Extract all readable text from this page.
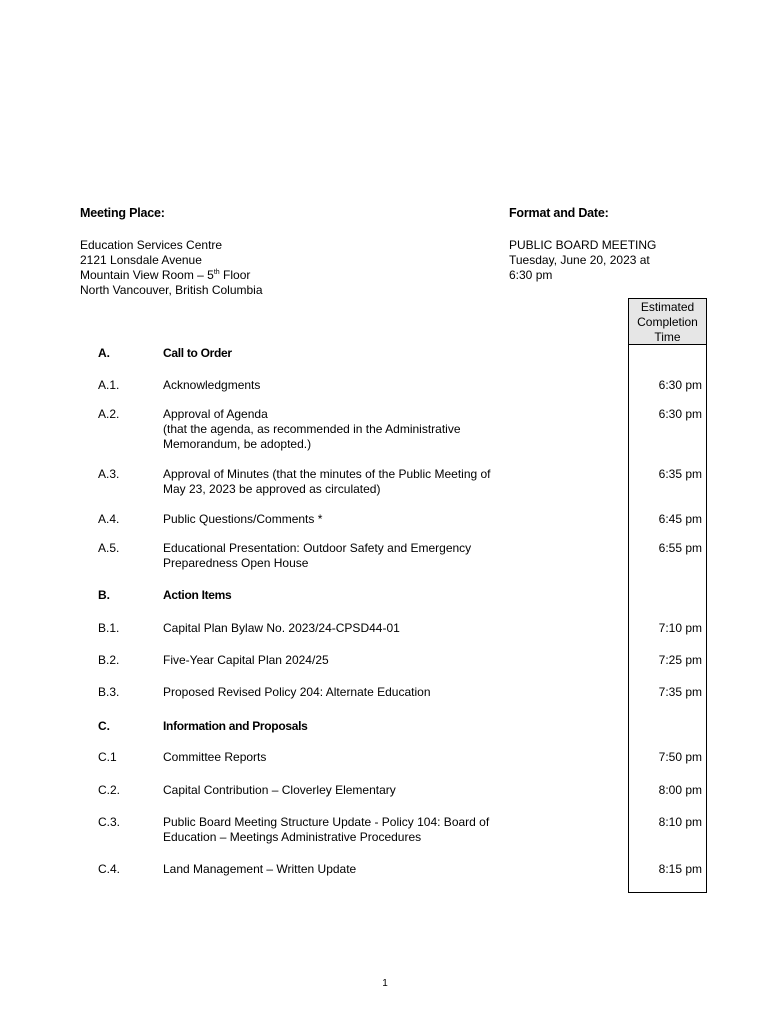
Meeting Place:
Education Services Centre
2121 Lonsdale Avenue
Mountain View Room – 5th Floor
North Vancouver, British Columbia
Format and Date:
PUBLIC BOARD MEETING
Tuesday, June 20, 2023 at
6:30 pm
Estimated
Completion
Time
A.	Call to Order
A.1.	Acknowledgments	6:30 pm
A.2.	Approval of Agenda
(that the agenda, as recommended in the Administrative
Memorandum, be adopted.)
6:30 pm
A.3.	Approval of Minutes (that the minutes of the Public Meeting of
May 23, 2023 be approved as circulated)
6:35 pm
A.4.	Public Questions/Comments *	6:45 pm
A.5.	Educational Presentation: Outdoor Safety and Emergency
Preparedness Open House
6:55 pm
B.	Action Items
B.1.	Capital Plan Bylaw No. 2023/24-CPSD44-01	7:10 pm
B.2.	Five-Year Capital Plan 2024/25	7:25 pm
B.3.	Proposed Revised Policy 204: Alternate Education	7:35 pm
C.	Information and Proposals
C.1	Committee Reports	7:50 pm
C.2.	Capital Contribution – Cloverley Elementary	8:00 pm
C.3.	Public Board Meeting Structure Update - Policy 104: Board of
Education – Meetings Administrative Procedures
8:10 pm
C.4.	Land Management – Written Update	8:15 pm
1
